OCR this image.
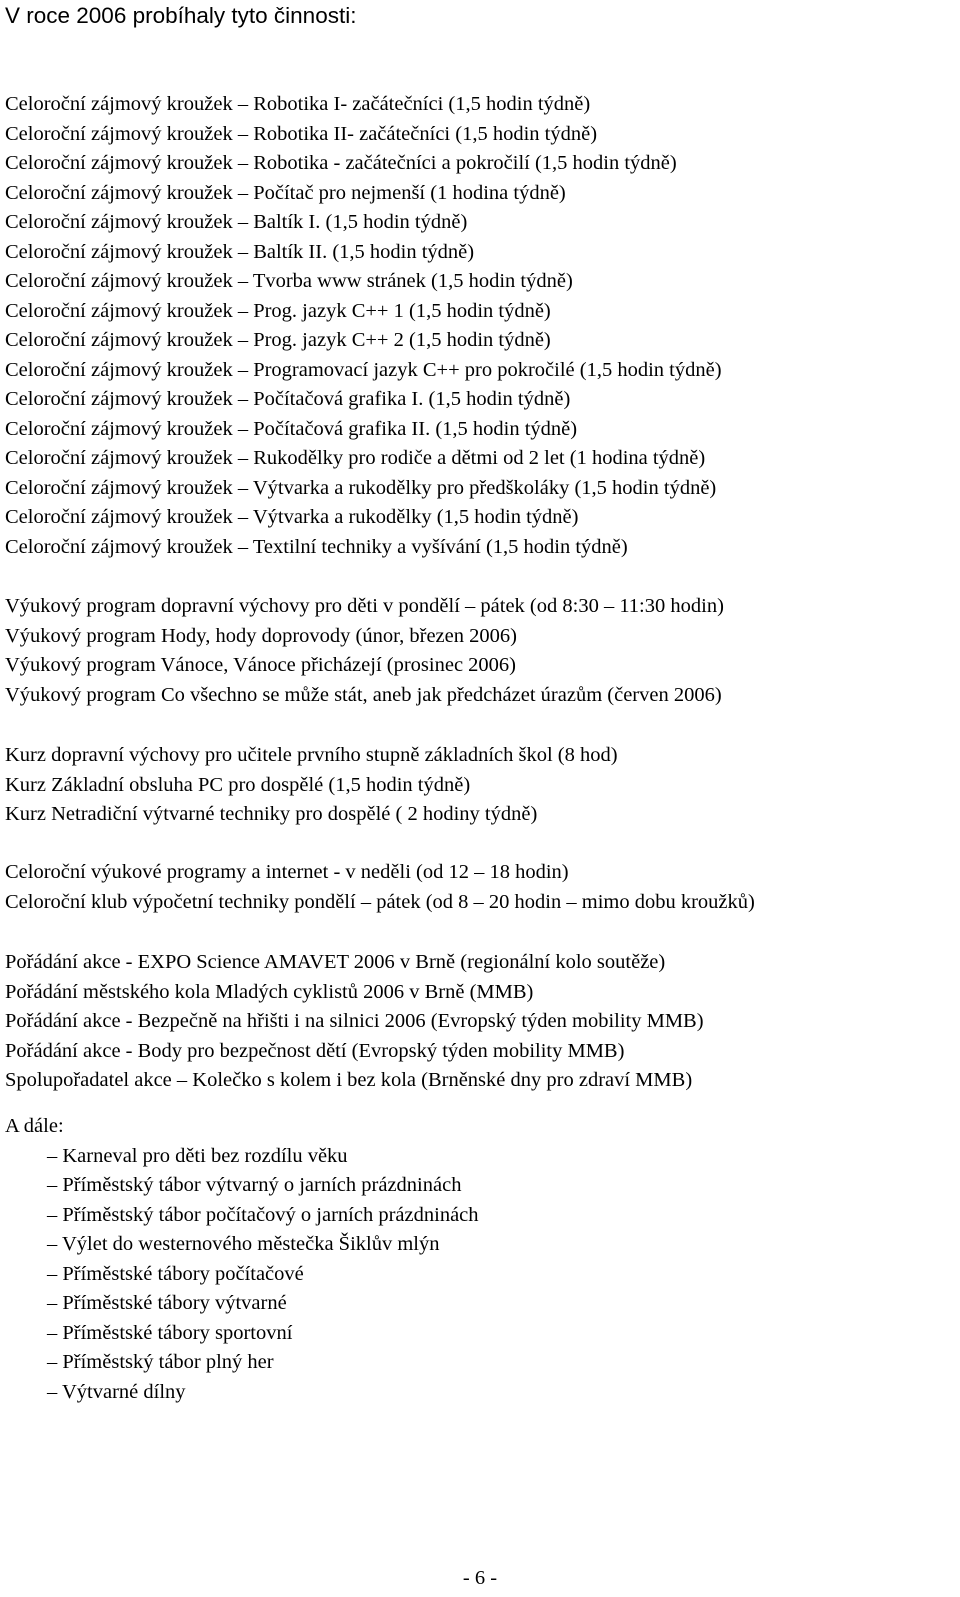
V roce 2006 probíhaly tyto činnosti:
Celoroční zájmový kroužek – Robotika I- začátečníci (1,5 hodin týdně)
Celoroční zájmový kroužek – Robotika II- začátečníci (1,5 hodin týdně)
Celoroční zájmový kroužek – Robotika - začátečníci a pokročilí (1,5 hodin týdně)
Celoroční zájmový kroužek – Počítač pro nejmenší (1 hodina týdně)
Celoroční zájmový kroužek – Baltík I. (1,5 hodin týdně)
Celoroční zájmový kroužek – Baltík II. (1,5 hodin týdně)
Celoroční zájmový kroužek – Tvorba www stránek (1,5 hodin týdně)
Celoroční zájmový kroužek – Prog. jazyk C++ 1 (1,5 hodin týdně)
Celoroční zájmový kroužek – Prog. jazyk C++ 2 (1,5 hodin týdně)
Celoroční zájmový kroužek – Programovací jazyk C++ pro pokročilé (1,5 hodin týdně)
Celoroční zájmový kroužek – Počítačová grafika I. (1,5 hodin týdně)
Celoroční zájmový kroužek – Počítačová grafika II. (1,5 hodin týdně)
Celoroční zájmový kroužek – Rukodělky pro rodiče a dětmi od 2 let (1 hodina týdně)
Celoroční zájmový kroužek – Výtvarka a rukodělky pro předškoláky (1,5 hodin týdně)
Celoroční zájmový kroužek – Výtvarka a rukodělky (1,5 hodin týdně)
Celoroční zájmový kroužek – Textilní techniky a vyšívání (1,5 hodin týdně)
Výukový program dopravní výchovy pro děti v pondělí – pátek (od 8:30 – 11:30 hodin)
Výukový program Hody, hody doprovody (únor, březen 2006)
Výukový program Vánoce, Vánoce přicházejí (prosinec 2006)
Výukový program Co všechno se může stát, aneb jak předcházet úrazům (červen 2006)
Kurz dopravní výchovy pro učitele prvního stupně základních škol (8 hod)
Kurz Základní obsluha PC pro dospělé (1,5 hodin týdně)
Kurz Netradiční výtvarné techniky pro dospělé ( 2 hodiny týdně)
Celoroční výukové programy a internet - v neděli (od 12 – 18 hodin)
Celoroční klub výpočetní techniky pondělí – pátek (od 8 – 20 hodin – mimo dobu kroužků)
Pořádání akce - EXPO Science AMAVET 2006 v Brně (regionální kolo soutěže)
Pořádání městského kola Mladých cyklistů 2006 v Brně (MMB)
Pořádání akce - Bezpečně na hřišti i na silnici 2006 (Evropský týden mobility MMB)
Pořádání akce - Body pro bezpečnost dětí (Evropský týden mobility MMB)
Spolupořadatel akce – Kolečko s kolem i bez kola (Brněnské dny pro zdraví MMB)
A dále:
– Karneval pro děti bez rozdílu věku
– Příměstský tábor výtvarný o jarních prázdninách
– Příměstský tábor počítačový o jarních prázdninách
– Výlet do westernového městečka Šiklův mlýn
– Příměstské tábory počítačové
– Příměstské tábory výtvarné
– Příměstské tábory sportovní
– Příměstský tábor plný her
– Výtvarné dílny
- 6 -
